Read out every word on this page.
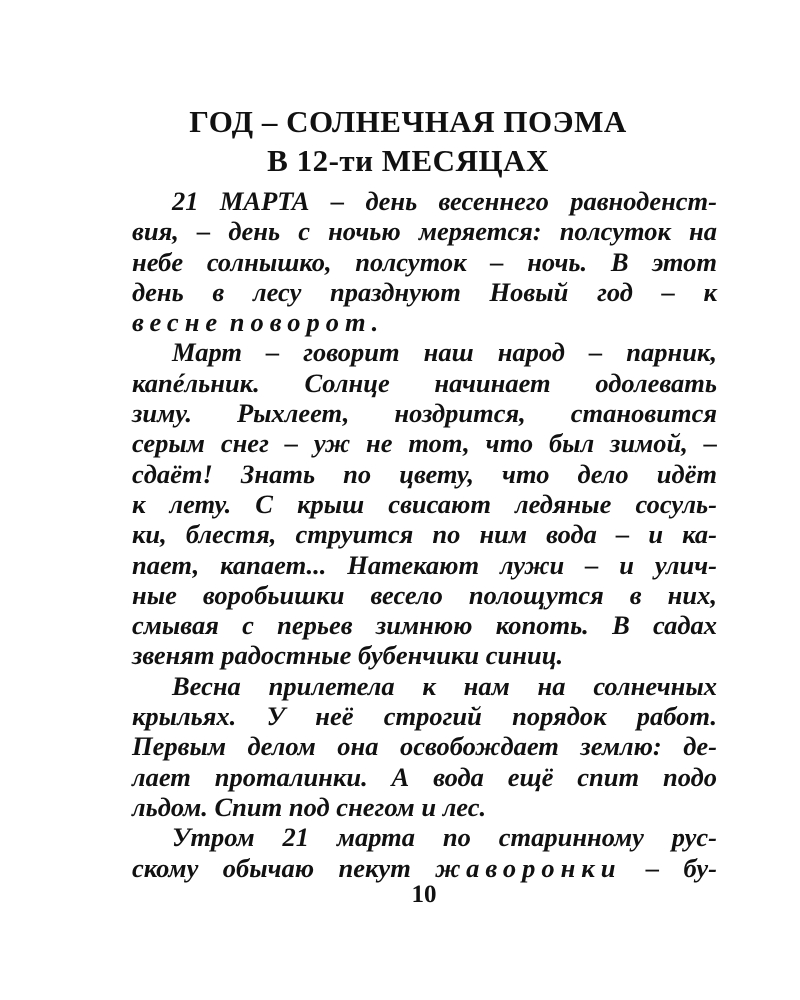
ГОД – СОЛНЕЧНАЯ ПОЭМА
В 12-ти МЕСЯЦАХ
21 МАРТА – день весеннего равноденст-
вия, – день с ночью меряется: полсуток на
небе солнышко, полсуток – ночь. В этот
день в лесу празднуют Новый год – к
весне поворот.
Март – говорит наш народ – парник,
капéльник. Солнце начинает одолевать
зиму. Рыхлеет, ноздрится, становится
серым снег – уж не тот, что был зимой, –
сдаёт! Знать по цвету, что дело идёт
к лету. С крыш свисают ледяные сосуль-
ки, блестя, струится по ним вода – и ка-
пает, капает... Натекают лужи – и улич-
ные воробьишки весело полощутся в них,
смывая с перьев зимнюю копоть. В садах
звенят радостные бубенчики синиц.
Весна прилетела к нам на солнечных
крыльях. У неё строгий порядок работ.
Первым делом она освобождает землю: де-
лает проталинки. А вода ещё спит подо
льдом. Спит под снегом и лес.
Утром 21 марта по старинному рус-
скому обычаю пекут жаворонки – бу-
10
